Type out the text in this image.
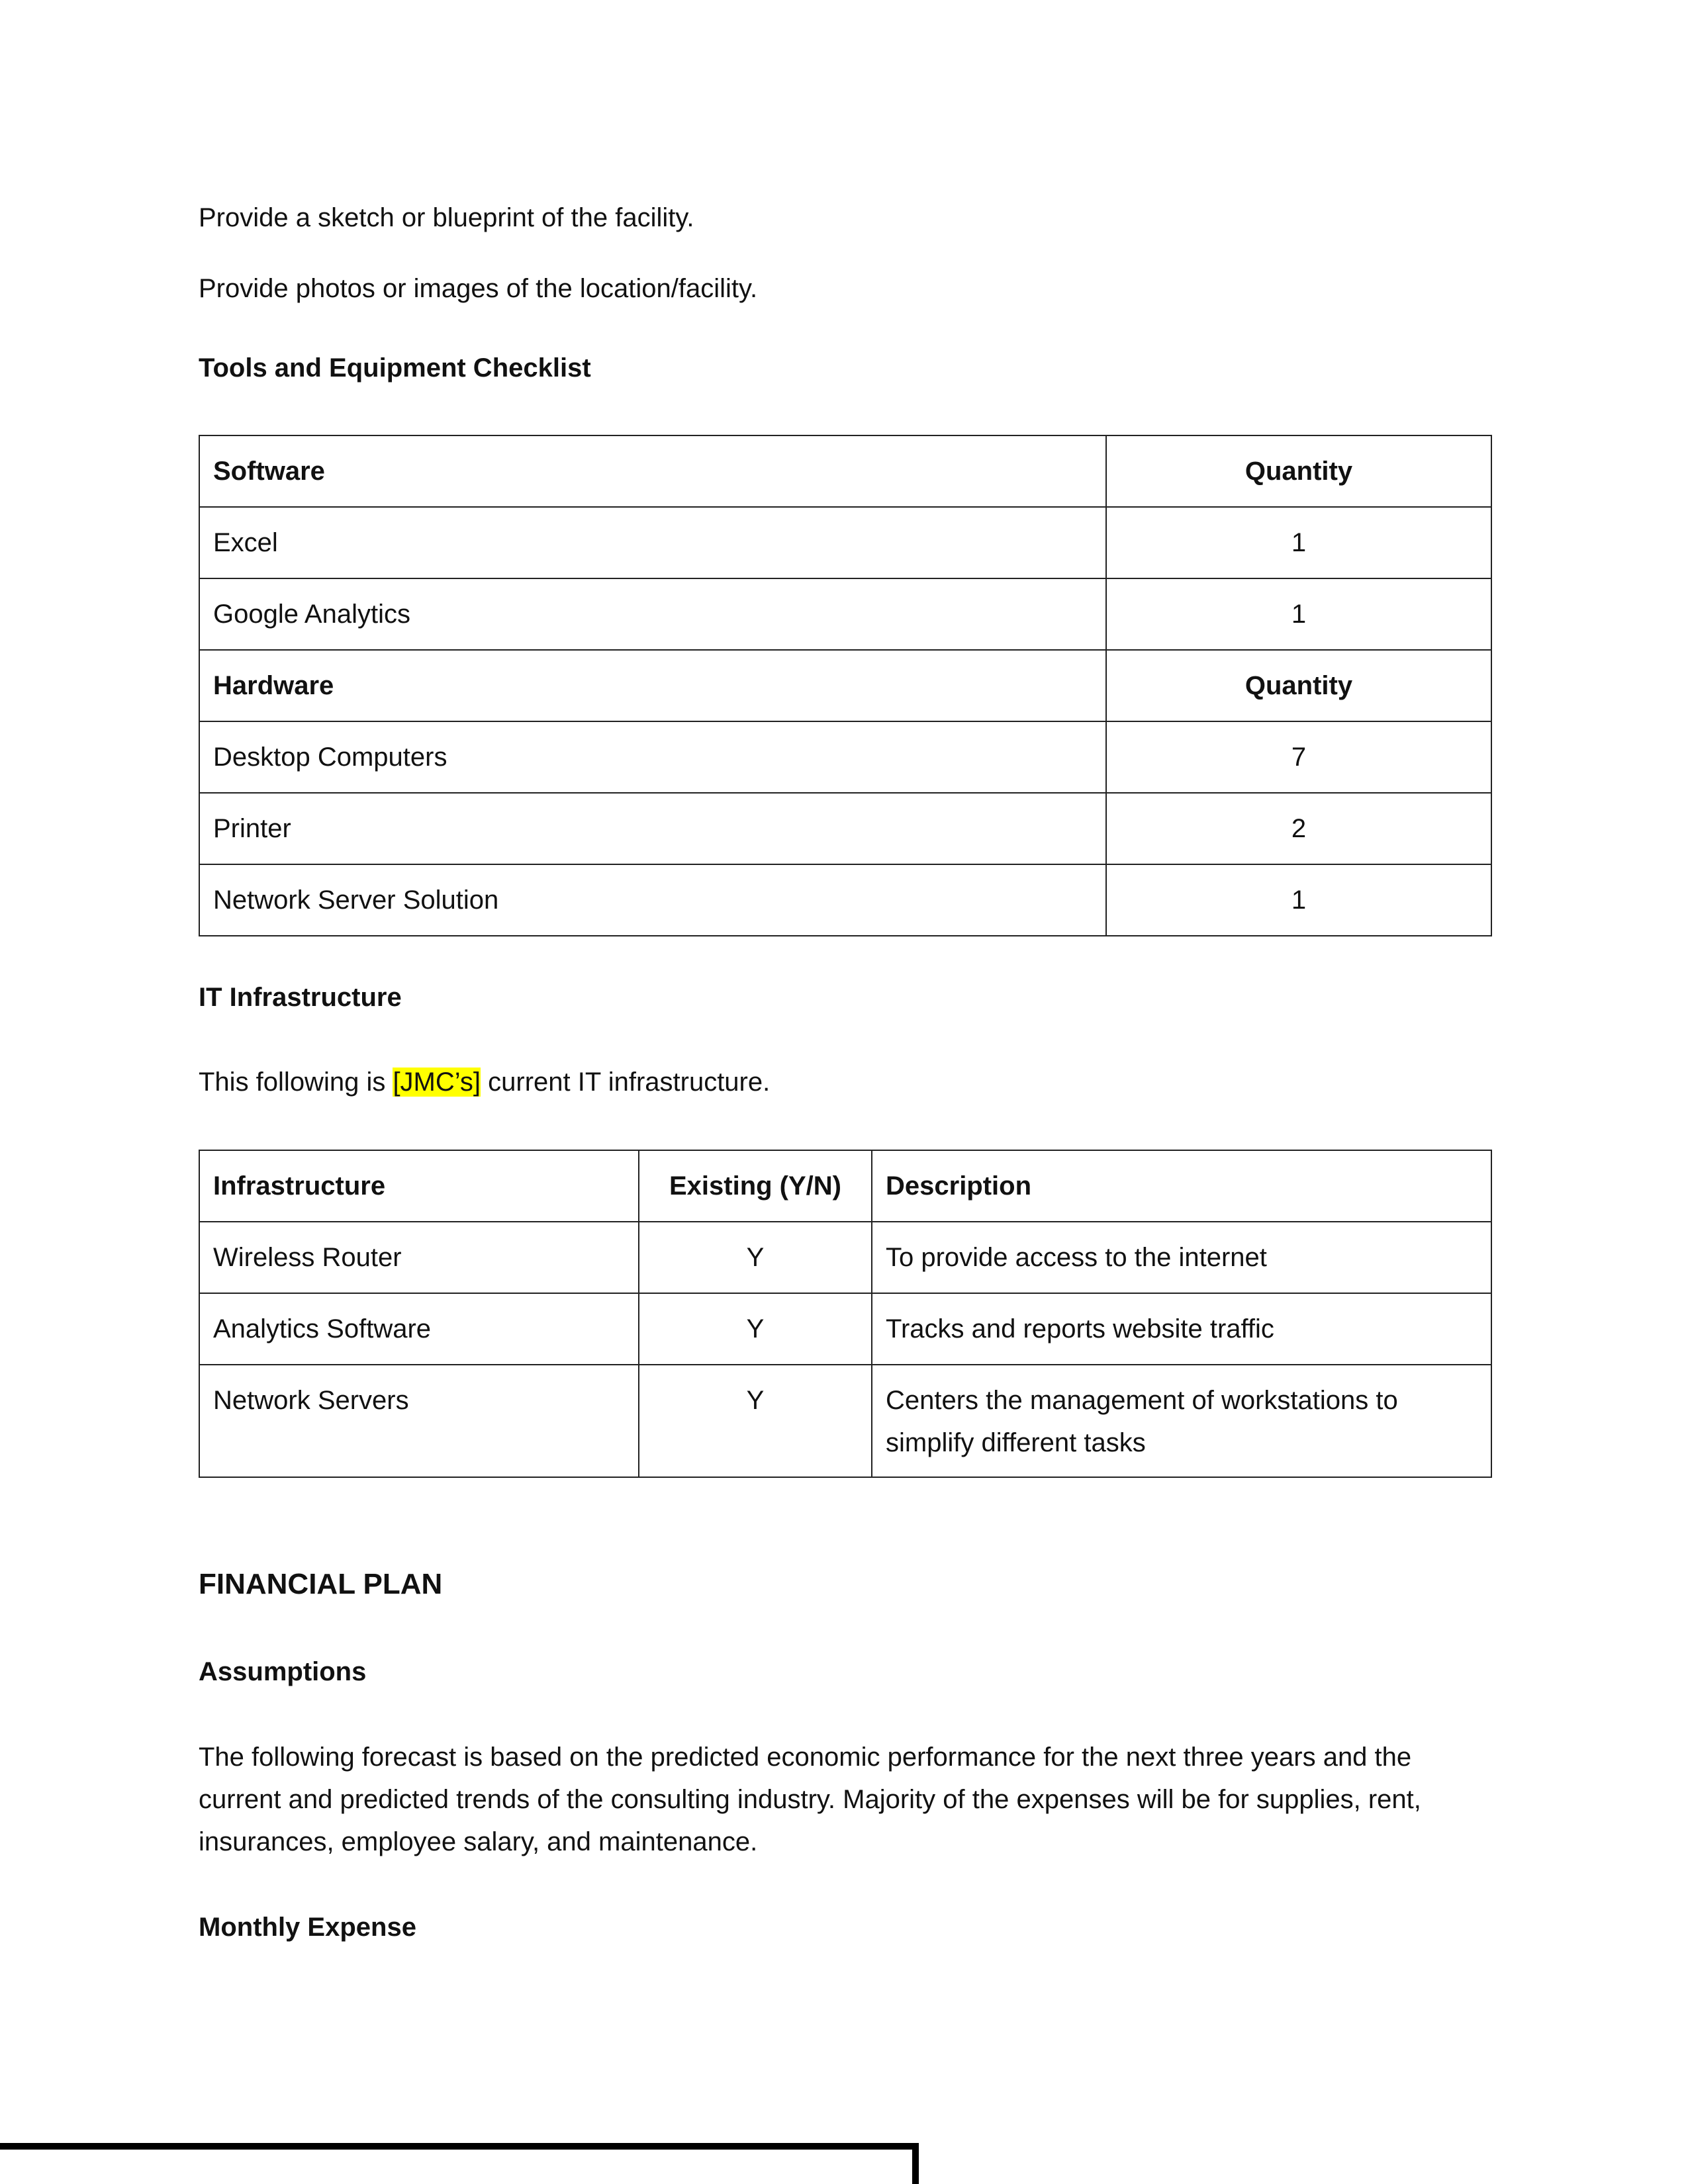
Provide a sketch or blueprint of the facility.

Provide photos or images of the location/facility.

Tools and Equipment Checklist

Software	Quantity
Excel	1
Google Analytics	1
Hardware	Quantity
Desktop Computers	7
Printer	2
Network Server Solution	1

IT Infrastructure

This following is [JMC’s] current IT infrastructure.

Infrastructure	Existing (Y/N)	Description
Wireless Router	Y	To provide access to the internet
Analytics Software	Y	Tracks and reports website traffic
Network Servers	Y	Centers the management of workstations to simplify different tasks

FINANCIAL PLAN

Assumptions

The following forecast is based on the predicted economic performance for the next three years and the current and predicted trends of the consulting industry. Majority of the expenses will be for supplies, rent, insurances, employee salary, and maintenance.

Monthly Expense
